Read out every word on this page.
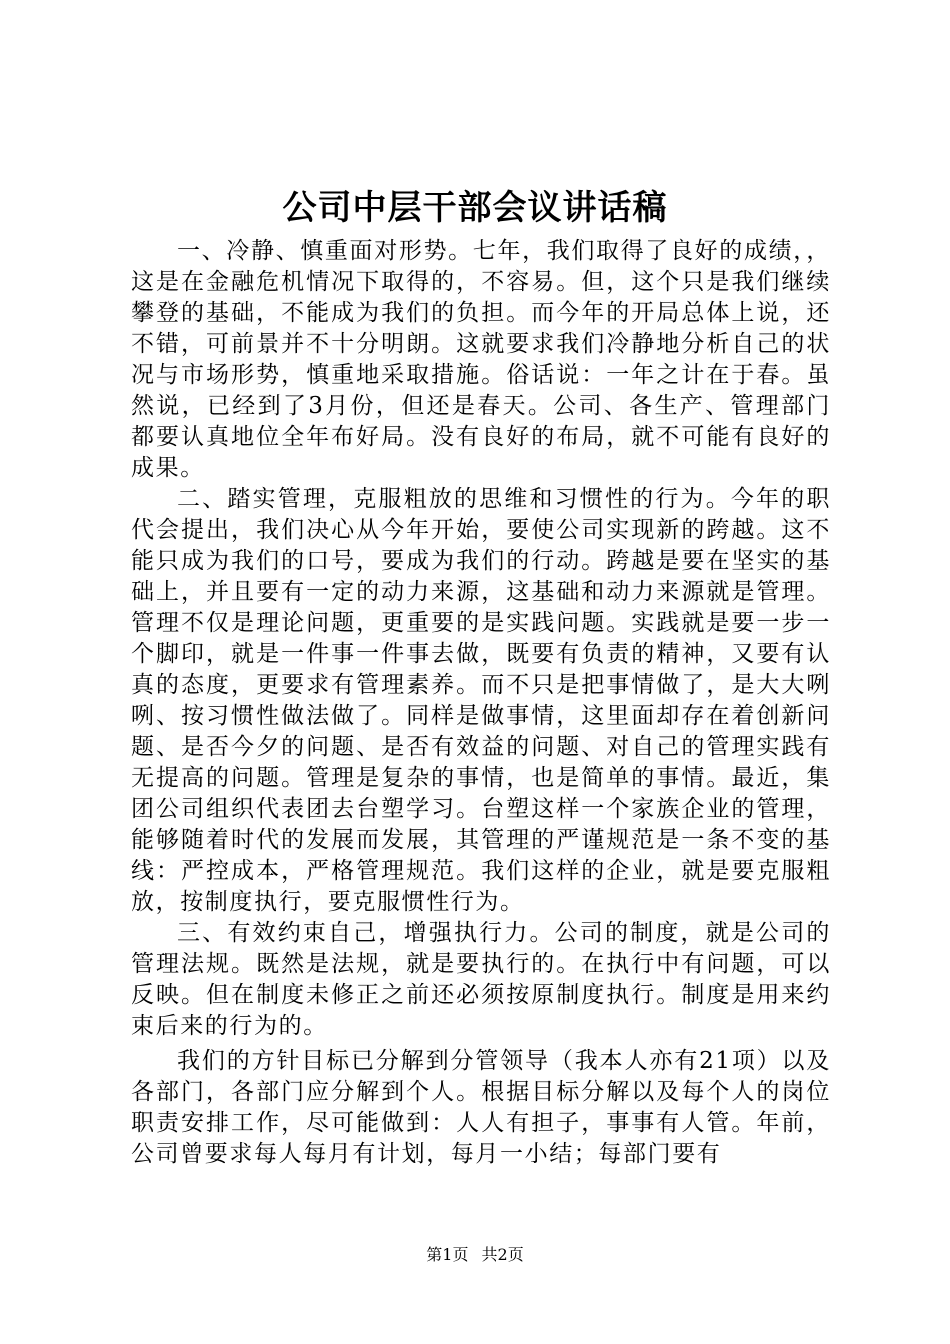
公司中层干部会议讲话稿

一、冷静、慎重面对形势。七年，我们取得了良好的成绩，，这是在金融危机情况下取得的，不容易。但，这个只是我们继续攀登的基础，不能成为我们的负担。而今年的开局总体上说，还不错，可前景并不十分明朗。这就要求我们冷静地分析自己的状况与市场形势，慎重地采取措施。俗话说：一年之计在于春。虽然说，已经到了3月份，但还是春天。公司、各生产、管理部门都要认真地位全年布好局。没有良好的布局，就不可能有良好的成果。

二、踏实管理，克服粗放的思维和习惯性的行为。今年的职代会提出，我们决心从今年开始，要使公司实现新的跨越。这不能只成为我们的口号，要成为我们的行动。跨越是要在坚实的基础上，并且要有一定的动力来源，这基础和动力来源就是管理。管理不仅是理论问题，更重要的是实践问题。实践就是要一步一个脚印，就是一件事一件事去做，既要有负责的精神，又要有认真的态度，更要求有管理素养。而不只是把事情做了，是大大咧咧、按习惯性做法做了。同样是做事情，这里面却存在着创新问题、是否今夕的问题、是否有效益的问题、对自己的管理实践有无提高的问题。管理是复杂的事情，也是简单的事情。最近，集团公司组织代表团去台塑学习。台塑这样一个家族企业的管理，能够随着时代的发展而发展，其管理的严谨规范是一条不变的基线：严控成本，严格管理规范。我们这样的企业，就是要克服粗放，按制度执行，要克服惯性行为。

三、有效约束自己，增强执行力。公司的制度，就是公司的管理法规。既然是法规，就是要执行的。在执行中有问题，可以反映。但在制度未修正之前还必须按原制度执行。制度是用来约束后来的行为的。

我们的方针目标已分解到分管领导（我本人亦有21项）以及各部门，各部门应分解到个人。根据目标分解以及每个人的岗位职责安排工作，尽可能做到：人人有担子，事事有人管。年前，公司曾要求每人每月有计划，每月一小结；每部门要有

第1页 共2页
